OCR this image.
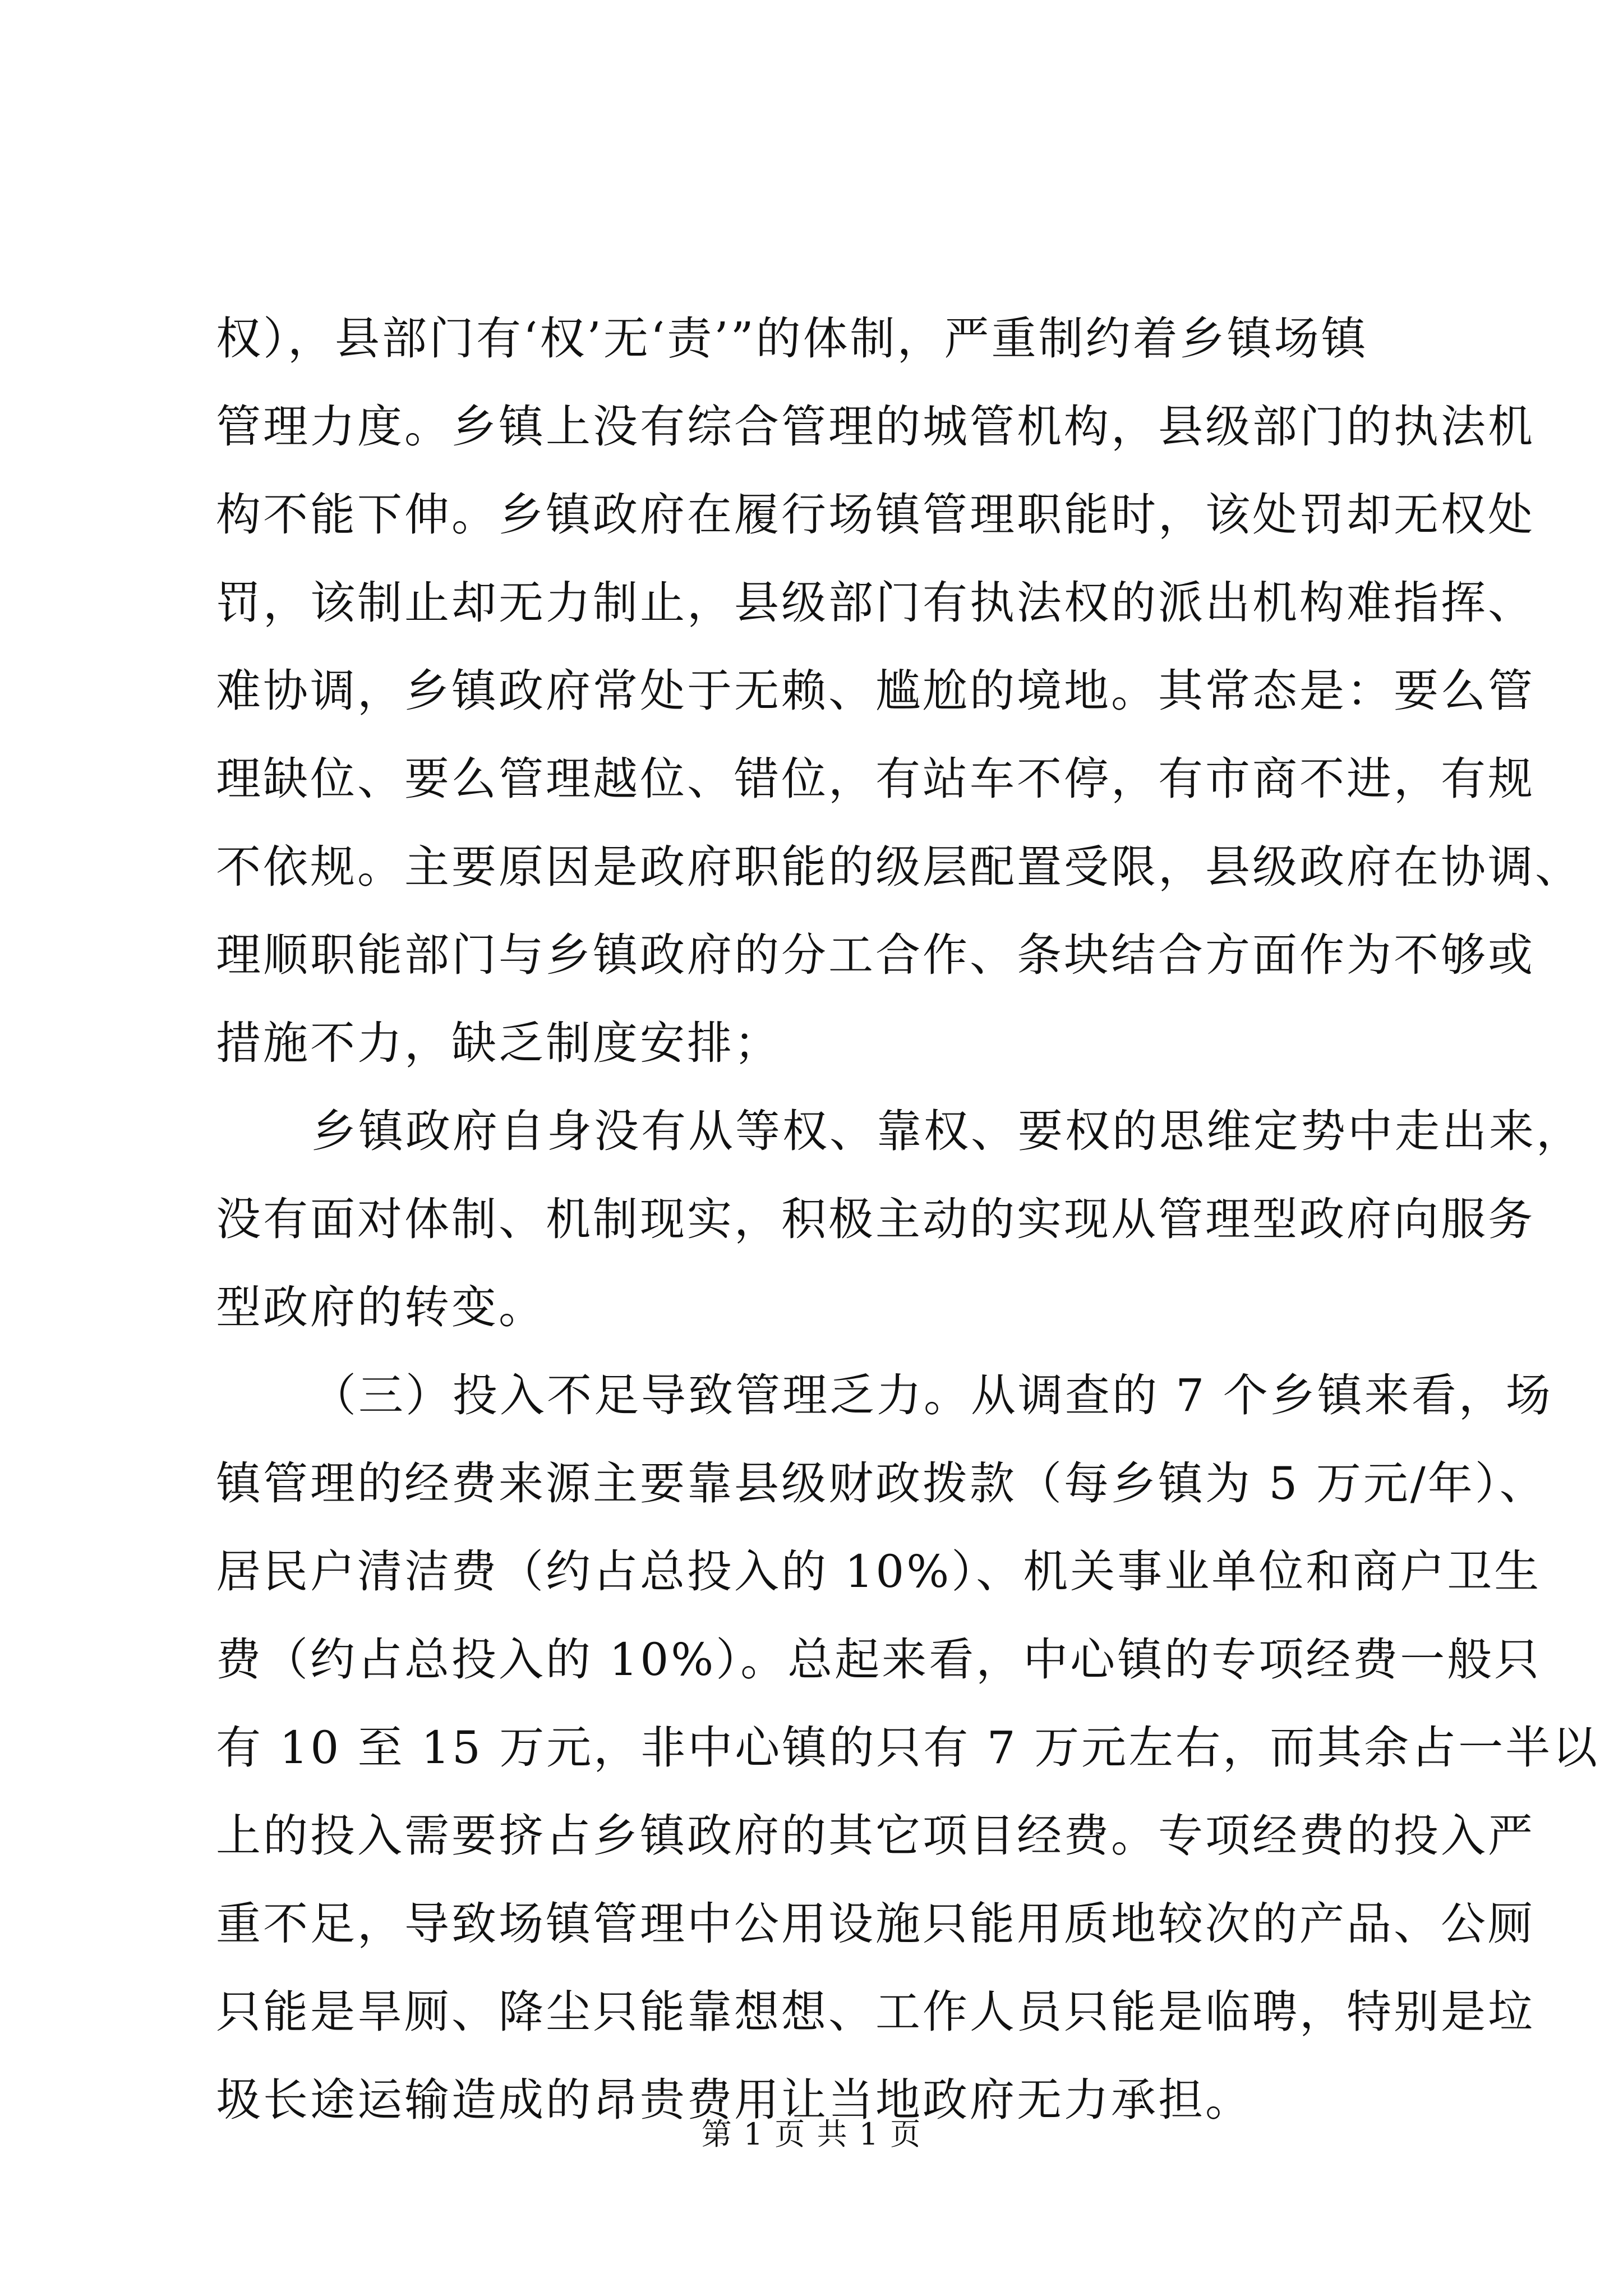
权），县部门有‘权’无‘责’”的体制，严重制约着乡镇场镇
管理力度。乡镇上没有综合管理的城管机构，县级部门的执法机
构不能下伸。乡镇政府在履行场镇管理职能时，该处罚却无权处
罚，该制止却无力制止，县级部门有执法权的派出机构难指挥、
难协调，乡镇政府常处于无赖、尴尬的境地。其常态是：要么管
理缺位、要么管理越位、错位，有站车不停，有市商不进，有规
不依规。主要原因是政府职能的级层配置受限，县级政府在协调、
理顺职能部门与乡镇政府的分工合作、条块结合方面作为不够或
措施不力，缺乏制度安排；
乡镇政府自身没有从等权、靠权、要权的思维定势中走出来，
没有面对体制、机制现实，积极主动的实现从管理型政府向服务
型政府的转变。
（三）投入不足导致管理乏力。从调查的 7 个乡镇来看，场
镇管理的经费来源主要靠县级财政拨款（每乡镇为 5 万元/年）、
居民户清洁费（约占总投入的 10%）、机关事业单位和商户卫生
费（约占总投入的 10%）。总起来看，中心镇的专项经费一般只
有 10 至 15 万元，非中心镇的只有 7 万元左右，而其余占一半以
上的投入需要挤占乡镇政府的其它项目经费。专项经费的投入严
重不足，导致场镇管理中公用设施只能用质地较次的产品、公厕
只能是旱厕、降尘只能靠想想、工作人员只能是临聘，特别是垃
圾长途运输造成的昂贵费用让当地政府无力承担。
第 1 页 共 1 页
